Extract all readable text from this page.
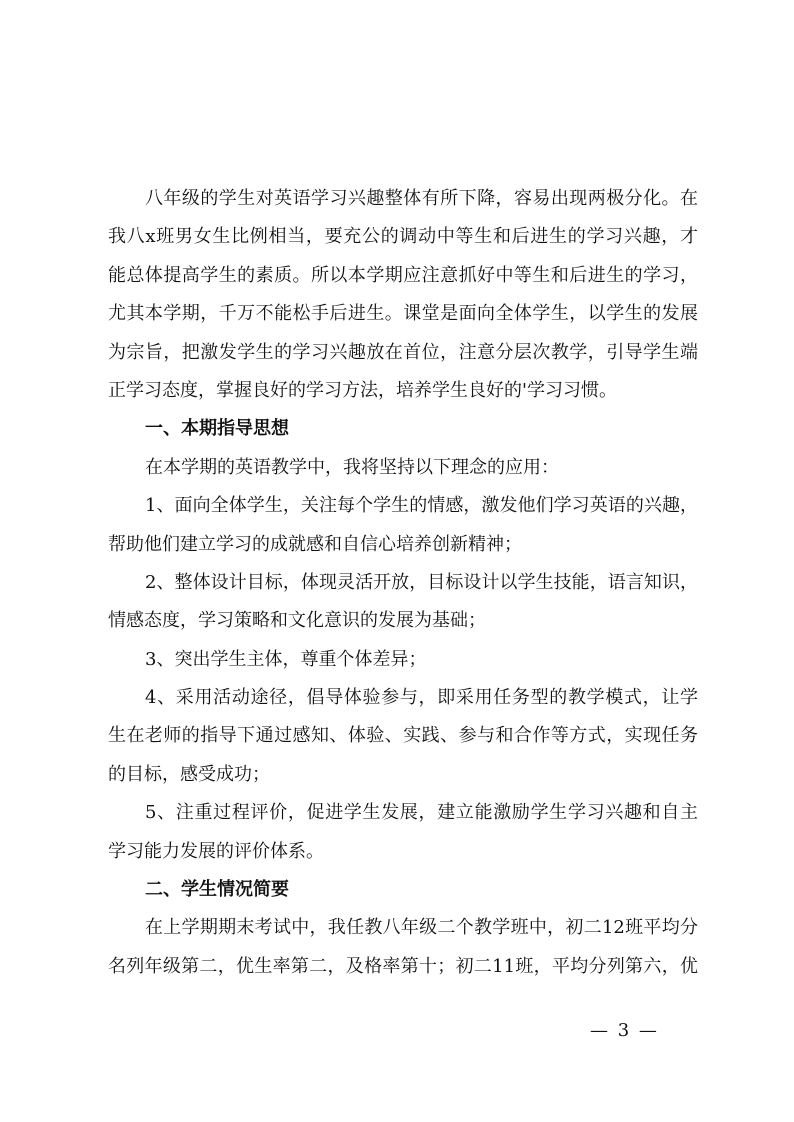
八年级的学生对英语学习兴趣整体有所下降，容易出现两极分化。在
我八x班男女生比例相当，要充公的调动中等生和后进生的学习兴趣，才
能总体提高学生的素质。所以本学期应注意抓好中等生和后进生的学习，
尤其本学期，千万不能松手后进生。课堂是面向全体学生，以学生的发展
为宗旨，把激发学生的学习兴趣放在首位，注意分层次教学，引导学生端
正学习态度，掌握良好的学习方法，培养学生良好的'学习习惯。
一、本期指导思想
在本学期的英语教学中，我将坚持以下理念的应用：
1、面向全体学生，关注每个学生的情感，激发他们学习英语的兴趣，
帮助他们建立学习的成就感和自信心培养创新精神；
2、整体设计目标，体现灵活开放，目标设计以学生技能，语言知识，
情感态度，学习策略和文化意识的发展为基础；
3、突出学生主体，尊重个体差异；
4、采用活动途径，倡导体验参与，即采用任务型的教学模式，让学
生在老师的指导下通过感知、体验、实践、参与和合作等方式，实现任务
的目标，感受成功；
5、注重过程评价，促进学生发展，建立能激励学生学习兴趣和自主
学习能力发展的评价体系。
二、学生情况简要
在上学期期末考试中，我任教八年级二个教学班中，初二12班平均分
名列年级第二，优生率第二，及格率第十；初二11班，平均分列第六，优
— 3 —
